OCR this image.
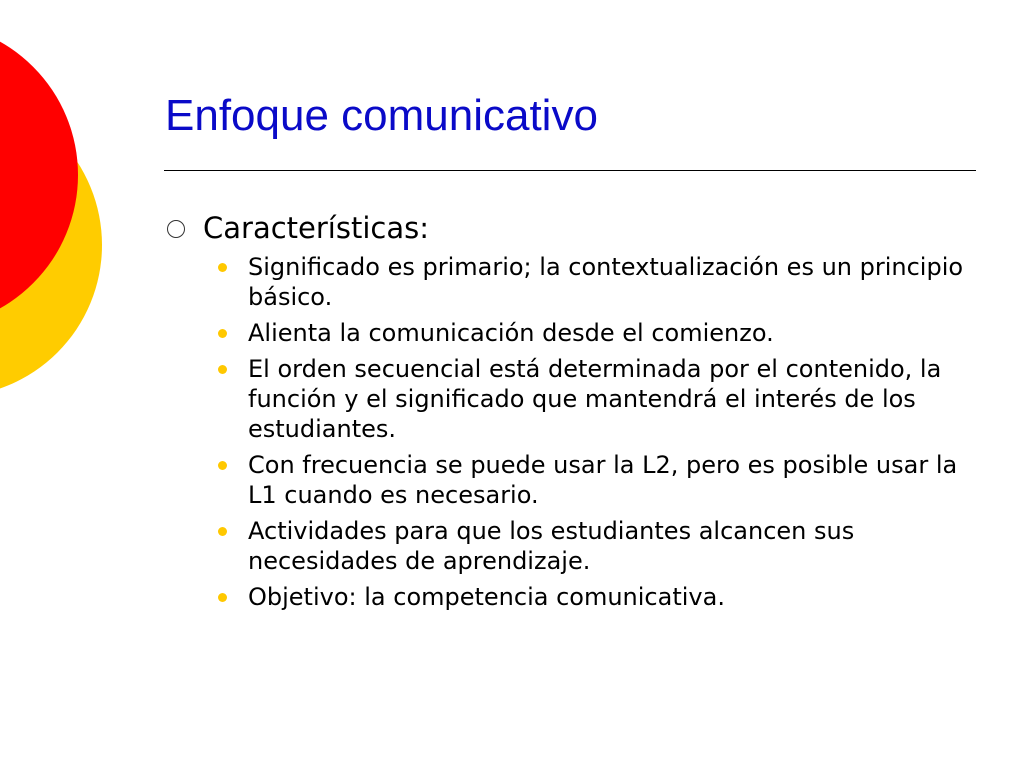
Enfoque comunicativo
Características:
Significado es primario; la contextualización es un principio básico.
Alienta la comunicación desde el comienzo.
El orden secuencial está determinada por el contenido, la función y el significado que mantendrá el interés de los estudiantes.
Con frecuencia se puede usar la L2, pero es posible usar la L1 cuando es necesario.
Actividades para que los estudiantes alcancen sus necesidades de aprendizaje.
Objetivo: la competencia comunicativa.
